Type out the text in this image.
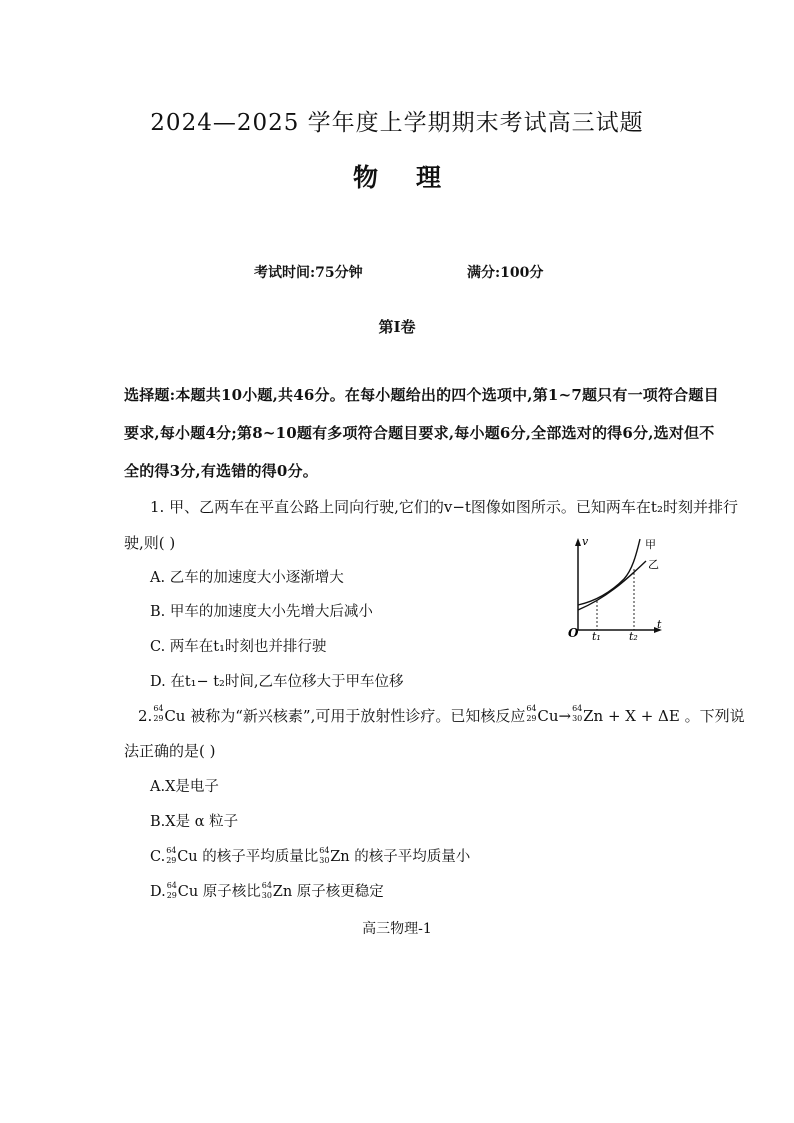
2024—2025 学年度上学期期末考试高三试题
物理
考试时间:75分钟	满分:100分
第Ⅰ卷
选择题:本题共10小题,共46分。在每小题给出的四个选项中,第1~7题只有一项符合题目
要求,每小题4分;第8~10题有多项符合题目要求,每小题6分,全部选对的得6分,选对但不
全的得3分,有选错的得0分。
1. 甲、乙两车在平直公路上同向行驶,它们的v−t图像如图所示。已知两车在t₂时刻并排行
驶,则( )
A. 乙车的加速度大小逐渐增大
B. 甲车的加速度大小先增大后减小
C. 两车在t₁时刻也并排行驶
D. 在t₁− t₂时间,乙车位移大于甲车位移
v
t
O
甲
乙
t₁	t₂
2. 64
29 Cu 被称为“新兴核素”,可用于放射性诊疗。已知核反应 64
29 Cu→ 64
30 Zn + X + ΔE 。下列说
法正确的是( )
A.X是电子
B.X是 α 粒子
C. 64
29 Cu 的核子平均质量比 64
30 Zn 的核子平均质量小
D. 64
29 Cu 原子核比 64
30 Zn 原子核更稳定
高三物理-1
